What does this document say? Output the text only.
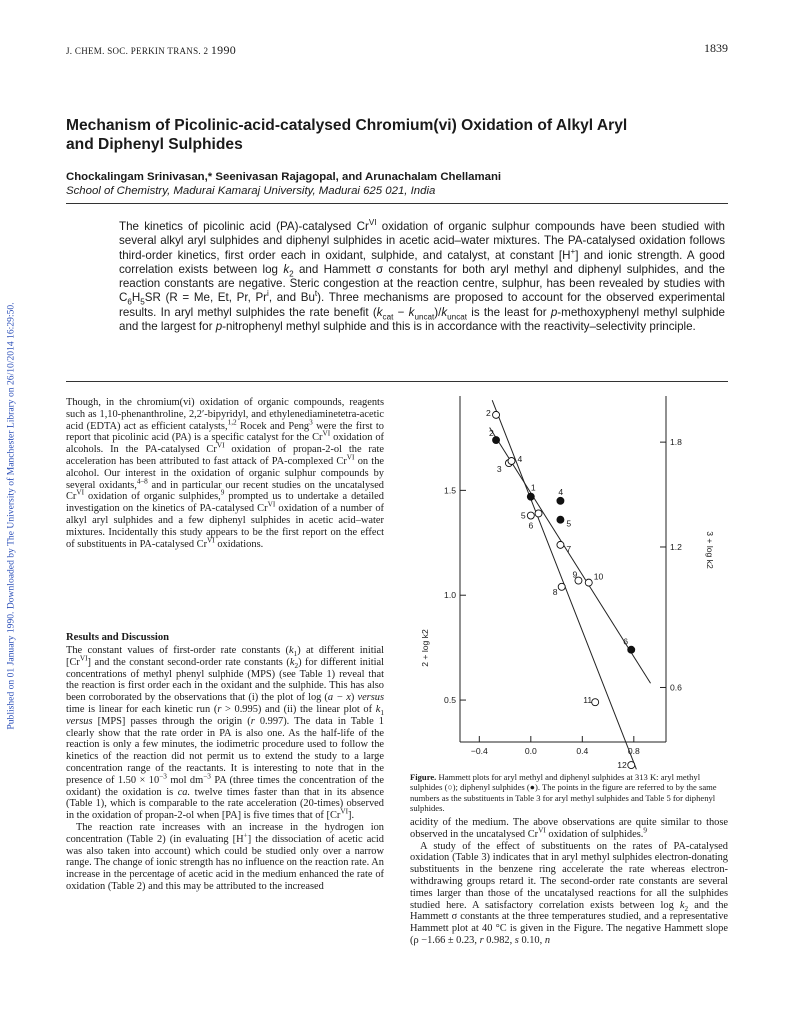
Published on 01 January 1990. Downloaded by The University of Manchester Library on 26/10/2014 16:29:50.
J. CHEM. SOC. PERKIN TRANS. 2 1990	1839
Mechanism of Picolinic-acid-catalysed Chromium(vi) Oxidation of Alkyl Aryl
and Diphenyl Sulphides
Chockalingam Srinivasan,* Seenivasan Rajagopal, and Arunachalam Chellamani
School of Chemistry, Madurai Kamaraj University, Madurai 625 021, India
The kinetics of picolinic acid (PA)-catalysed $Cr^{VI}$ oxidation of organic sulphur compounds have been studied with several alkyl aryl sulphides and diphenyl sulphides in acetic acid–water mixtures. The PA-catalysed oxidation follows third-order kinetics, first order each in oxidant, sulphide, and catalyst, at constant [H+] and ionic strength. A good correlation exists between $\log k_2$ and Hammett σ constants for both aryl methyl and diphenyl sulphides, and the reaction constants are negative. Steric congestion at the reaction centre, sulphur, has been revealed by studies with $C_6H_5SR$ (R = Me, Et, Pr, Pr$^i$, and Bu$^t$). Three mechanisms are proposed to account for the observed experimental results. In aryl methyl sulphides the rate benefit $(k_{cat} - k_{uncat})/k_{uncat}$ is the least for p-methoxyphenyl methyl sulphide and the largest for p-nitrophenyl methyl sulphide and this is in accordance with the reactivity–selectivity principle.

Though, in the chromium(vi) oxidation of organic compounds, reagents such as 1,10-phenanthroline, 2,2′-bipyridyl, and ethylenediaminetetra-acetic acid (EDTA) act as efficient catalysts,$^{1,2}$ Rocek and Peng$^3$ were the first to report that picolinic acid (PA) is a specific catalyst for the $Cr^{VI}$ oxidation of alcohols. In the PA-catalysed $Cr^{VI}$ oxidation of propan-2-ol the rate acceleration has been attributed to fast attack of PA-complexed $Cr^{VI}$ on the alcohol. Our interest in the oxidation of organic sulphur compounds by several oxidants,$^{4-8}$ and in particular our recent studies on the uncatalysed $Cr^{VI}$ oxidation of organic sulphides,$^9$ prompted us to undertake a detailed investigation on the kinetics of PA-catalysed $Cr^{VI}$ oxidation of a number of alkyl aryl sulphides and a few diphenyl sulphides in acetic acid–water mixtures. Incidentally this study appears to be the first report on the effect of substituents in PA-catalysed $Cr^{VI}$ oxidations.

Results and Discussion

The constant values of first-order rate constants $(k_1)$ at different initial $[Cr^{VI}]$ and the constant second-order rate constants $(k_2)$ for different initial concentrations of methyl phenyl sulphide (MPS) (see Table 1) reveal that the reaction is first order each in the oxidant and the sulphide. This has also been corroborated by the observations that (i) the plot of log (a − x) versus time is linear for each kinetic run (r > 0.995) and (ii) the linear plot of $k_1$ versus [MPS] passes through the origin (r 0.997). The data in Table 1 clearly show that the rate order in PA is also one. As the half-life of the reaction is only a few minutes, the iodimetric procedure used to follow the kinetics of the reaction did not permit us to extend the study to a large concentration range of the reactants. It is interesting to note that in the presence of $1.50 \times 10^{-3}$ mol $dm^{-3}$ PA (three times the concentration of the oxidant) the oxidation is ca. twelve times faster than that in its absence (Table 1), which is comparable to the rate acceleration (20-times) observed in the oxidation of propan-2-ol when [PA] is five times that of $[Cr^{VI}]$.

The reaction rate increases with an increase in the hydrogen ion concentration (Table 2) (in evaluating [H+] the dissociation of acetic acid was also taken into account) which could be studied only over a narrow range. The change of ionic strength has no influence on the reaction rate. An increase in the percentage of acetic acid in the medium enhanced the rate of oxidation (Table 2) and this may be attributed to the increased

0.5
1.0
1.5
0.6
1.2
1.8
−0.4	0.0	0.4	0.8
2
3
4
5
6
7
8
9 10
11
12
2
1	4
5
6
2 + log k2
3 + log k2
Figure. Hammett plots for aryl methyl and diphenyl sulphides at 313 K: aryl methyl sulphides (○); diphenyl sulphides (●). The points in the figure are referred to by the same numbers as the substituents in Table 3 for aryl methyl sulphides and Table 5 for diphenyl sulphides.

acidity of the medium. The above observations are quite similar to those observed in the uncatalysed $Cr^{VI}$ oxidation of sulphides.$^9$

A study of the effect of substituents on the rates of PA-catalysed oxidation (Table 3) indicates that in aryl methyl sulphides electron-donating substituents in the benzene ring accelerate the rate whereas electron-withdrawing groups retard it. The second-order rate constants are several times larger than those of the uncatalysed reactions for all the sulphides studied here. A satisfactory correlation exists between $\log k_2$ and the Hammett σ constants at the three temperatures studied, and a representative Hammett plot at 40 °C is given in the Figure. The negative Hammett slope (ρ −1.66 ± 0.23, r 0.982, s 0.10, n
